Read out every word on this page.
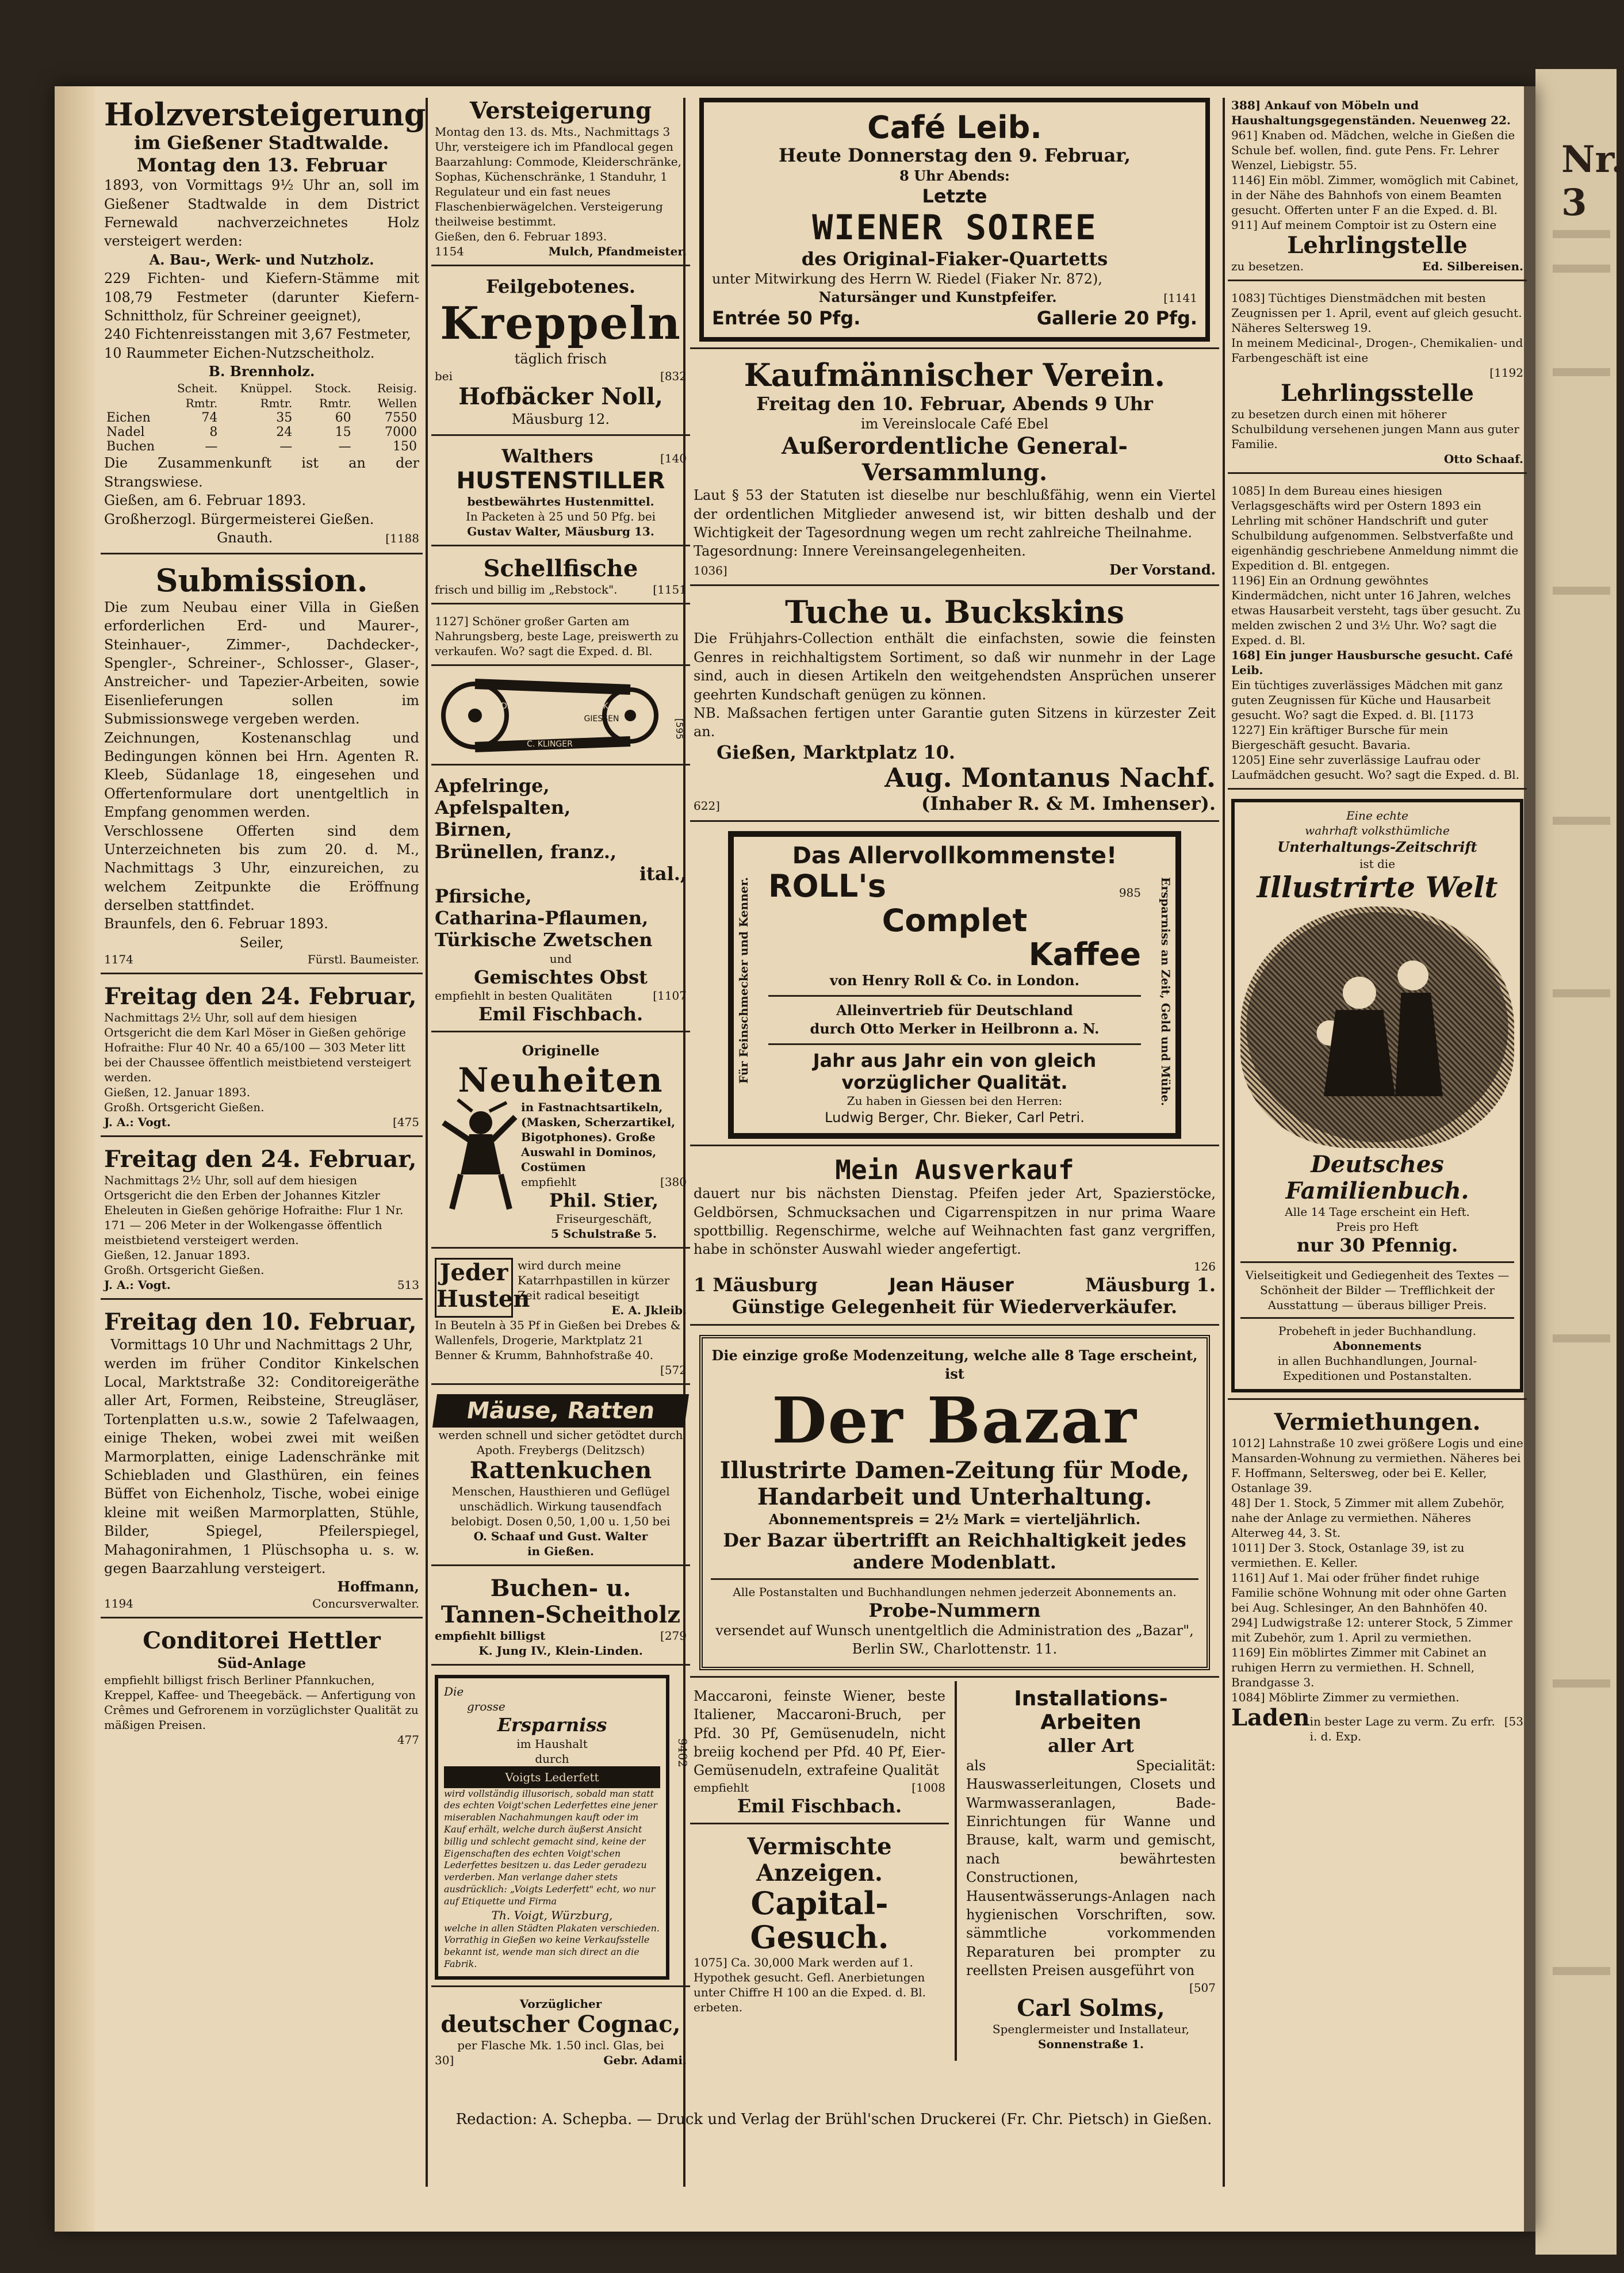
Nr. 3
Holzversteigerung
im Gießener Stadtwalde.
Montag den 13. Februar
1893, von Vormittags 9½ Uhr an, soll im Gießener Stadtwalde in dem District Fernewald nachverzeichnetes Holz versteigert werden:
A. Bau-, Werk- und Nutzholz.
229 Fichten- und Kiefern-Stämme mit 108,79 Festmeter (darunter Kiefern-Schnittholz, für Schreiner geeignet),
240 Fichtenreisstangen mit 3,67 Festmeter,
10 Raummeter Eichen-Nutzscheitholz.
B. Brennholz.
	Scheit. Rmtr.	Knüppel. Rmtr.	Stock. Rmtr.	Reisig. Wellen
Eichen	74	35	60	7550
Nadel	8	24	15	7000
Buchen	—	—	—	150
Die Zusammenkunft ist an der Strangswiese.
Gießen, am 6. Februar 1893.
Großherzogl. Bürgermeisterei Gießen.
Gnauth.	[1188
Submission.
Die zum Neubau einer Villa in Gießen erforderlichen Erd- und Maurer-, Steinhauer-, Zimmer-, Dachdecker-, Spengler-, Schreiner-, Schlosser-, Glaser-, Anstreicher- und Tapezier-Arbeiten, sowie Eisenlieferungen sollen im Submissionswege vergeben werden.
Zeichnungen, Kostenanschlag und Bedingungen können bei Hrn. Agenten R. Kleeb, Südanlage 18, eingesehen und Offertenformulare dort unentgeltlich in Empfang genommen werden.
Verschlossene Offerten sind dem Unterzeichneten bis zum 20. d. M., Nachmittags 3 Uhr, einzureichen, zu welchem Zeitpunkte die Eröffnung derselben stattfindet.
Braunfels, den 6. Februar 1893.
Seiler,
1174	Fürstl. Baumeister.
Freitag den 24. Februar,
Nachmittags 2½ Uhr, soll auf dem hiesigen Ortsgericht die dem Karl Möser in Gießen gehörige Hofraithe: Flur 40 Nr. 40 a 65/100 — 303 Meter litt bei der Chaussee öffentlich meistbietend versteigert werden.
Gießen, 12. Januar 1893.
Großh. Ortsgericht Gießen.
J. A.: Vogt.	[475
Freitag den 24. Februar,
Nachmittags 2½ Uhr, soll auf dem hiesigen Ortsgericht die den Erben der Johannes Kitzler Eheleuten in Gießen gehörige Hofraithe: Flur 1 Nr. 171 — 206 Meter in der Wolkengasse öffentlich meistbietend versteigert werden.
Gießen, 12. Januar 1893.
Großh. Ortsgericht Gießen.
J. A.: Vogt.	513
Freitag den 10. Februar,
Vormittags 10 Uhr und Nachmittags 2 Uhr,
werden im früher Conditor Kinkelschen Local, Marktstraße 32: Conditoreigeräthe aller Art, Formen, Reibsteine, Streugläser, Tortenplatten u.s.w., sowie 2 Tafelwaagen, einige Theken, wobei zwei mit weißen Marmorplatten, einige Ladenschränke mit Schiebladen und Glasthüren, ein feines Büffet von Eichenholz, Tische, wobei einige kleine mit weißen Marmorplatten, Stühle, Bilder, Spiegel, Pfeilerspiegel, Mahagonirahmen, 1 Plüschsopha u. s. w. gegen Baarzahlung versteigert.
Hoffmann,
1194	Concursverwalter.
Conditorei Hettler
Süd-Anlage
empfiehlt billigst frisch Berliner Pfannkuchen, Kreppel, Kaffee- und Theegebäck. — Anfertigung von Crêmes und Gefrorenem in vorzüglichster Qualität zu mäßigen Preisen.
477
Versteigerung
Montag den 13. ds. Mts., Nachmittags 3 Uhr, versteigere ich im Pfandlocal gegen Baarzahlung: Commode, Kleiderschränke, Sophas, Küchenschränke, 1 Standuhr, 1 Regulateur und ein fast neues Flaschenbierwägelchen. Versteigerung theilweise bestimmt.
Gießen, den 6. Februar 1893.
1154	Mulch, Pfandmeister.
Feilgebotenes.
Kreppeln
täglich frisch
bei	[832
Hofbäcker Noll,
Mäusburg 12.
Walthers	[140
HUSTENSTILLER
bestbewährtes Hustenmittel.
In Packeten à 25 und 50 Pfg. bei
Gustav Walter, Mäusburg 13.
Schellfische
frisch und billig im „Rebstock".	[1151
1127] Schöner großer Garten am Nahrungsberg, beste Lage, preiswerth zu verkaufen. Wo? sagt die Exped. d. Bl.
LEDER-TREIB-RIEMEN-FABRIK
C. KLINGER
GIESSEN	[595
Apfelringe,
Apfelspalten,
Birnen,
Brünellen, franz.,
ital.,
Pfirsiche,
Catharina-Pflaumen,
Türkische Zwetschen
und
Gemischtes Obst
empfiehlt in besten Qualitäten	[1107
Emil Fischbach.
Originelle
Neuheiten
in Fastnachtsartikeln, (Masken, Scherzartikel, Bigotphones). Große Auswahl in Dominos, Costümen
empfiehlt	[380
Phil. Stier,
Friseurgeschäft,
5 Schulstraße 5.
Jeder Husten
wird durch meine Katarrhpastillen in kürzer Zeit radical beseitigt
E. A. Jkleib.
In Beuteln à 35 Pf in Gießen bei Drebes & Wallenfels, Drogerie, Marktplatz 21 Benner & Krumm, Bahnhofstraße 40.
[572
Mäuse, Ratten
werden schnell und sicher getödtet durch Apoth. Freybergs (Delitzsch)
Rattenkuchen
Menschen, Hausthieren und Geflügel unschädlich. Wirkung tausendfach belobigt. Dosen 0,50, 1,00 u. 1,50 bei
O. Schaaf und Gust. Walter
in Gießen.
Buchen- u. Tannen-Scheitholz
empfiehlt billigst	[279
K. Jung IV., Klein-Linden.
Die
grosse
Ersparniss
im Haushalt
durch
Voigts Lederfett
wird vollständig illusorisch, sobald man statt des echten Voigt'schen Lederfettes eine jener miserablen Nachahmungen kauft oder im Kauf erhält, welche durch äußerst Ansicht billig und schlecht gemacht sind, keine der Eigenschaften des echten Voigt'schen Lederfettes besitzen u. das Leder geradezu verderben. Man verlange daher stets ausdrücklich: „Voigts Lederfett" echt, wo nur auf Etiquette und Firma
Th. Voigt, Würzburg,
welche in allen Städten Plakaten verschieden. Vorrathig in Gießen wo keine Verkaufsstelle bekannt ist, wende man sich direct an die Fabrik.
9402
Vorzüglicher
deutscher Cognac,
per Flasche Mk. 1.50 incl. Glas, bei
30]	Gebr. Adami.
Café Leib.
Heute Donnerstag den 9. Februar,
8 Uhr Abends:
Letzte
WIENER SOIREE
des Original-Fiaker-Quartetts
unter Mitwirkung des Herrn W. Riedel (Fiaker Nr. 872),
Natursänger und Kunstpfeifer.	[1141
Entrée 50 Pfg.	Gallerie 20 Pfg.
Kaufmännischer Verein.
Freitag den 10. Februar, Abends 9 Uhr
im Vereinslocale Café Ebel
Außerordentliche General-Versammlung.
Laut § 53 der Statuten ist dieselbe nur beschlußfähig, wenn ein Viertel der ordentlichen Mitglieder anwesend ist, wir bitten deshalb und der Wichtigkeit der Tagesordnung wegen um recht zahlreiche Theilnahme.
Tagesordnung: Innere Vereinsangelegenheiten.
1036]	Der Vorstand.
Tuche u. Buckskins
Die Frühjahrs-Collection enthält die einfachsten, sowie die feinsten Genres in reichhaltigstem Sortiment, so daß wir nunmehr in der Lage sind, auch in diesen Artikeln den weitgehendsten Ansprüchen unserer geehrten Kundschaft genügen zu können.
NB. Maßsachen fertigen unter Garantie guten Sitzens in kürzester Zeit an.
Gießen, Marktplatz 10.
Aug. Montanus Nachf.
622]	(Inhaber R. & M. Imhenser).
Das Allervollkommenste!
Für Feinschmecker und Kenner.	Ersparniss an Zeit, Geld und Mühe.
ROLL's	985
Complet
Kaffee
von Henry Roll & Co. in London.
Alleinvertrieb für Deutschland
durch Otto Merker in Heilbronn a. N.
Jahr aus Jahr ein von gleich vorzüglicher Qualität.
Zu haben in Giessen bei den Herren:
Ludwig Berger, Chr. Bieker, Carl Petri.
Mein Ausverkauf
dauert nur bis nächsten Dienstag. Pfeifen jeder Art, Spazierstöcke, Geldbörsen, Schmucksachen und Cigarrenspitzen in nur prima Waare spottbillig. Regenschirme, welche auf Weihnachten fast ganz vergriffen, habe in schönster Auswahl wieder angefertigt.
126
1 Mäusburg	Jean Häuser	Mäusburg 1.
Günstige Gelegenheit für Wiederverkäufer.
Die einzige große Modenzeitung, welche alle 8 Tage erscheint, ist
Der Bazar
Illustrirte Damen-Zeitung für Mode, Handarbeit und Unterhaltung.
Abonnementspreis = 2½ Mark = vierteljährlich.
Der Bazar übertrifft an Reichhaltigkeit jedes andere Modenblatt.
Alle Postanstalten und Buchhandlungen nehmen jederzeit Abonnements an.
Probe-Nummern
versendet auf Wunsch unentgeltlich die Administration des „Bazar", Berlin SW., Charlottenstr. 11.
Maccaroni, feinste Wiener, beste Italiener, Maccaroni-Bruch, per Pfd. 30 Pf, Gemüsenudeln, nicht breiig kochend per Pfd. 40 Pf, Eier-Gemüsenudeln, extrafeine Qualität
empfiehlt	[1008
Emil Fischbach.
Vermischte Anzeigen.
Capital-Gesuch.
1075] Ca. 30,000 Mark werden auf 1. Hypothek gesucht. Gefl. Anerbietungen unter Chiffre H 100 an die Exped. d. Bl. erbeten.
Installations-Arbeiten
aller Art
als Specialität: Hauswasserleitungen, Closets und Warmwasseranlagen, Bade-Einrichtungen für Wanne und Brause, kalt, warm und gemischt, nach bewährtesten Constructionen, Hausentwässerungs-Anlagen nach hygienischen Vorschriften, sow. sämmtliche vorkommenden Reparaturen bei prompter zu reellsten Preisen ausgeführt von
[507
Carl Solms,
Spenglermeister und Installateur,
Sonnenstraße 1.
388] Ankauf von Möbeln und Haushaltungsgegenständen. Neuenweg 22.
961] Knaben od. Mädchen, welche in Gießen die Schule bef. wollen, find. gute Pens. Fr. Lehrer Wenzel, Liebigstr. 55.
1146] Ein möbl. Zimmer, womöglich mit Cabinet, in der Nähe des Bahnhofs von einem Beamten gesucht. Offerten unter F an die Exped. d. Bl.
911] Auf meinem Comptoir ist zu Ostern eine
Lehrlingstelle
zu besetzen.	Ed. Silbereisen.
1083] Tüchtiges Dienstmädchen mit besten Zeugnissen per 1. April, event auf gleich gesucht. Näheres Seltersweg 19.
In meinem Medicinal-, Drogen-, Chemikalien- und Farbengeschäft ist eine
[1192
Lehrlingsstelle
zu besetzen durch einen mit höherer Schulbildung versehenen jungen Mann aus guter Familie.
Otto Schaaf.
1085] In dem Bureau eines hiesigen Verlagsgeschäfts wird per Ostern 1893 ein Lehrling mit schöner Handschrift und guter Schulbildung aufgenommen. Selbstverfaßte und eigenhändig geschriebene Anmeldung nimmt die Expedition d. Bl. entgegen.
1196] Ein an Ordnung gewöhntes Kindermädchen, nicht unter 16 Jahren, welches etwas Hausarbeit versteht, tags über gesucht. Zu melden zwischen 2 und 3½ Uhr. Wo? sagt die Exped. d. Bl.
168] Ein junger Hausbursche gesucht. Café Leib.
Ein tüchtiges zuverlässiges Mädchen mit ganz guten Zeugnissen für Küche und Hausarbeit gesucht. Wo? sagt die Exped. d. Bl. [1173
1227] Ein kräftiger Bursche für mein Biergeschäft gesucht. Bavaria.
1205] Eine sehr zuverlässige Laufrau oder Laufmädchen gesucht. Wo? sagt die Exped. d. Bl.
Eine echte
wahrhaft volksthümliche
Unterhaltungs-Zeitschrift
ist die
Illustrirte Welt
Deutsches Familienbuch.
Alle 14 Tage erscheint ein Heft.
Preis pro Heft
nur 30 Pfennig.
Vielseitigkeit und Gediegenheit des Textes — Schönheit der Bilder — Trefflichkeit der Ausstattung — überaus billiger Preis.
Probeheft in jeder Buchhandlung.
Abonnements
in allen Buchhandlungen, Journal-Expeditionen und Postanstalten.
Vermiethungen.
1012] Lahnstraße 10 zwei größere Logis und eine Mansarden-Wohnung zu vermiethen. Näheres bei F. Hoffmann, Seltersweg, oder bei E. Keller, Ostanlage 39.
48] Der 1. Stock, 5 Zimmer mit allem Zubehör, nahe der Anlage zu vermiethen. Näheres Alterweg 44, 3. St.
1011] Der 3. Stock, Ostanlage 39, ist zu vermiethen. E. Keller.
1161] Auf 1. Mai oder früher findet ruhige Familie schöne Wohnung mit oder ohne Garten bei Aug. Schlesinger, An den Bahnhöfen 40.
294] Ludwigstraße 12: unterer Stock, 5 Zimmer mit Zubehör, zum 1. April zu vermiethen.
1169] Ein möblirtes Zimmer mit Cabinet an ruhigen Herrn zu vermiethen. H. Schnell, Brandgasse 3.
1084] Möblirte Zimmer zu vermiethen.
Laden in bester Lage zu verm. Zu erfr. i. d. Exp.
[53
Redaction: A. Schepba. — Druck und Verlag der Brühl'schen Druckerei (Fr. Chr. Pietsch) in Gießen.
